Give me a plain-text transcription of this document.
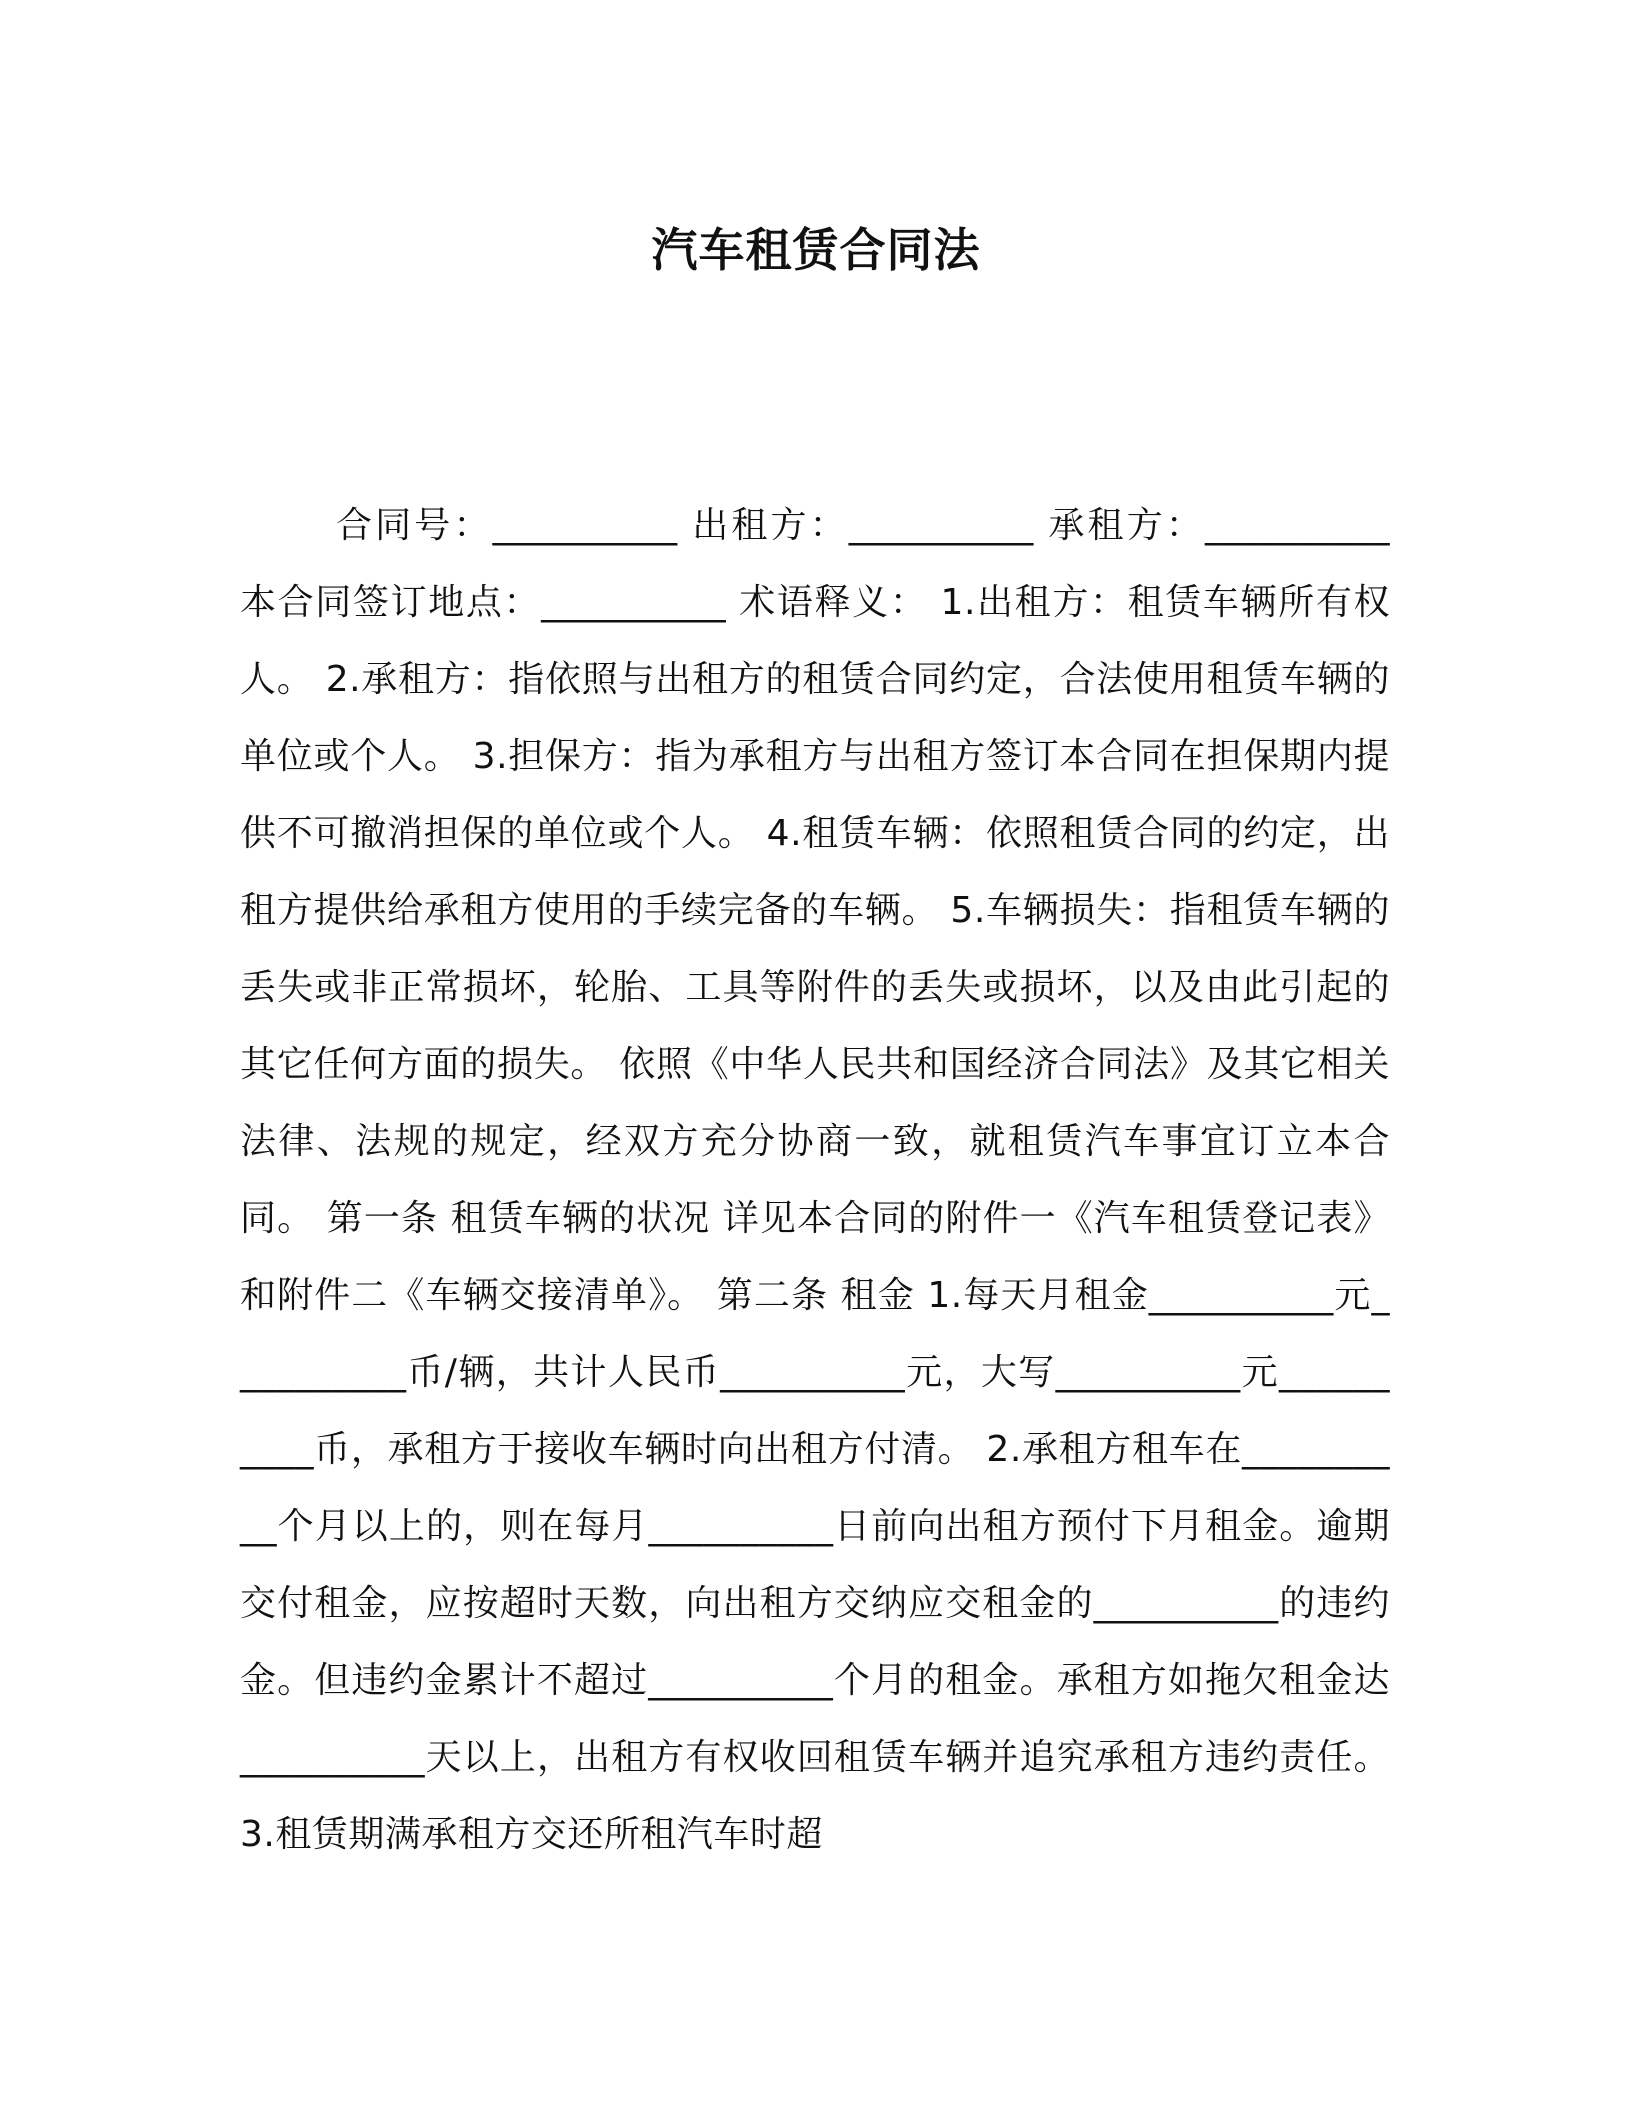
汽车租赁合同法

合同号：__________ 出租方：__________ 承租方：__________ 本合同签订地点：__________ 术语释义： 1.出租方：租赁车辆所有权人。 2.承租方：指依照与出租方的租赁合同约定，合法使用租赁车辆的单位或个人。 3.担保方：指为承租方与出租方签订本合同在担保期内提供不可撤消担保的单位或个人。 4.租赁车辆：依照租赁合同的约定，出租方提供给承租方使用的手续完备的车辆。 5.车辆损失：指租赁车辆的丢失或非正常损坏，轮胎、工具等附件的丢失或损坏，以及由此引起的其它任何方面的损失。 依照《中华人民共和国经济合同法》及其它相关法律、法规的规定，经双方充分协商一致，就租赁汽车事宜订立本合同。 第一条 租赁车辆的状况 详见本合同的附件一《汽车租赁登记表》和附件二《车辆交接清单》。 第二条 租金 1.每天月租金__________元__________币/辆，共计人民币__________元，大写__________元__________币，承租方于接收车辆时向出租方付清。 2.承租方租车在__________个月以上的，则在每月__________日前向出租方预付下月租金。逾期交付租金，应按超时天数，向出租方交纳应交租金的__________的违约金。但违约金累计不超过__________个月的租金。承租方如拖欠租金达__________天以上，出租方有权收回租赁车辆并追究承租方违约责任。 3.租赁期满承租方交还所租汽车时超
